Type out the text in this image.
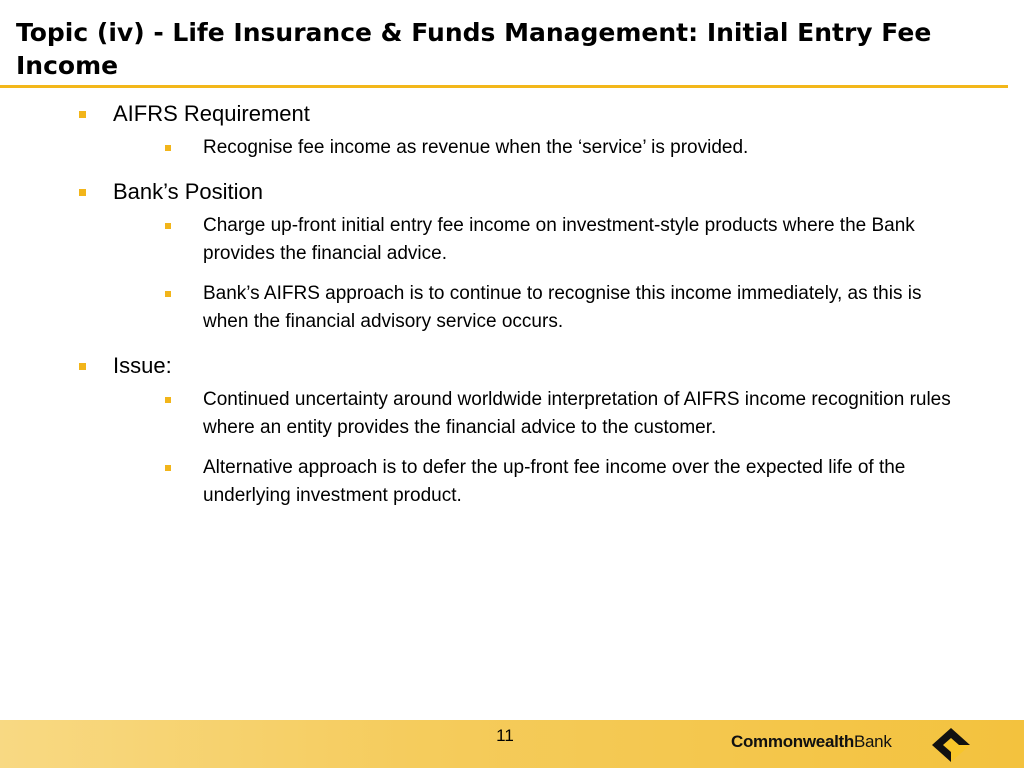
Topic (iv) - Life Insurance & Funds Management: Initial Entry Fee Income
AIFRS Requirement
Recognise fee income as revenue when the ‘service’ is provided.
Bank’s Position
Charge up-front initial entry fee income on investment-style products where the Bank provides the financial advice.
Bank’s AIFRS approach is to continue to recognise this income immediately, as this is when the financial advisory service occurs.
Issue:
Continued uncertainty around worldwide interpretation of AIFRS income recognition rules where an entity provides the financial advice to the customer.
Alternative approach is to defer the up-front fee income over the expected life of the underlying investment product.
11	Commonwealth Bank
